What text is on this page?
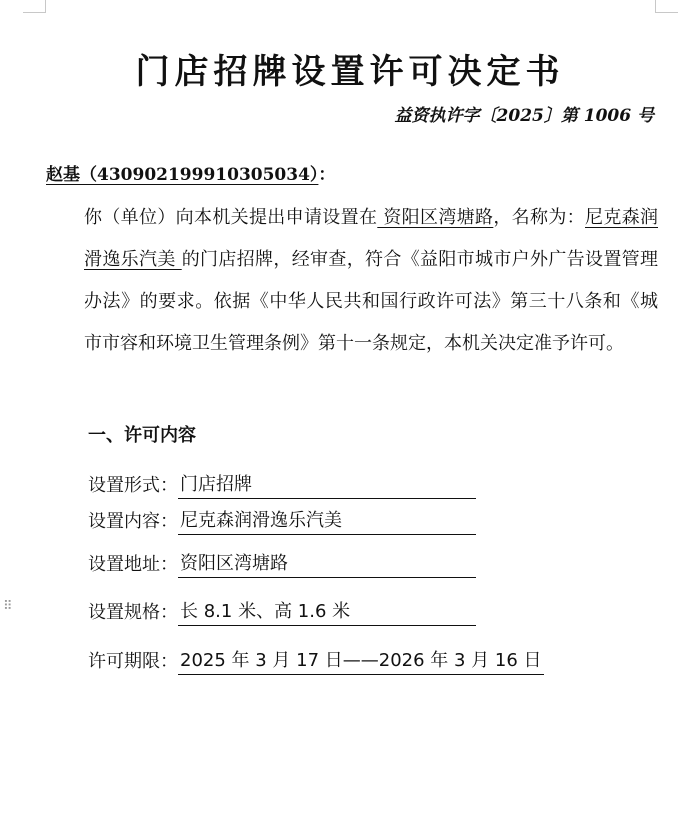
⠿
门店招牌设置许可决定书
益资执许字〔2025〕第 1006 号
赵基（430902199910305034）：

你（单位）向本机关提出申请设置在 资阳区湾塘路，名称为：尼克森润滑逸乐汽美 的门店招牌，经审查，符合《益阳市城市户外广告设置管理办法》的要求。依据《中华人民共和国行政许可法》第三十八条和《城市市容和环境卫生管理条例》第十一条规定，本机关决定准予许可。

一、许可内容
设置形式： 门店招牌
设置内容： 尼克森润滑逸乐汽美
设置地址： 资阳区湾塘路
设置规格： 长 8.1 米、高 1.6 米
许可期限： 2025 年 3 月 17 日——2026 年 3 月 16 日
